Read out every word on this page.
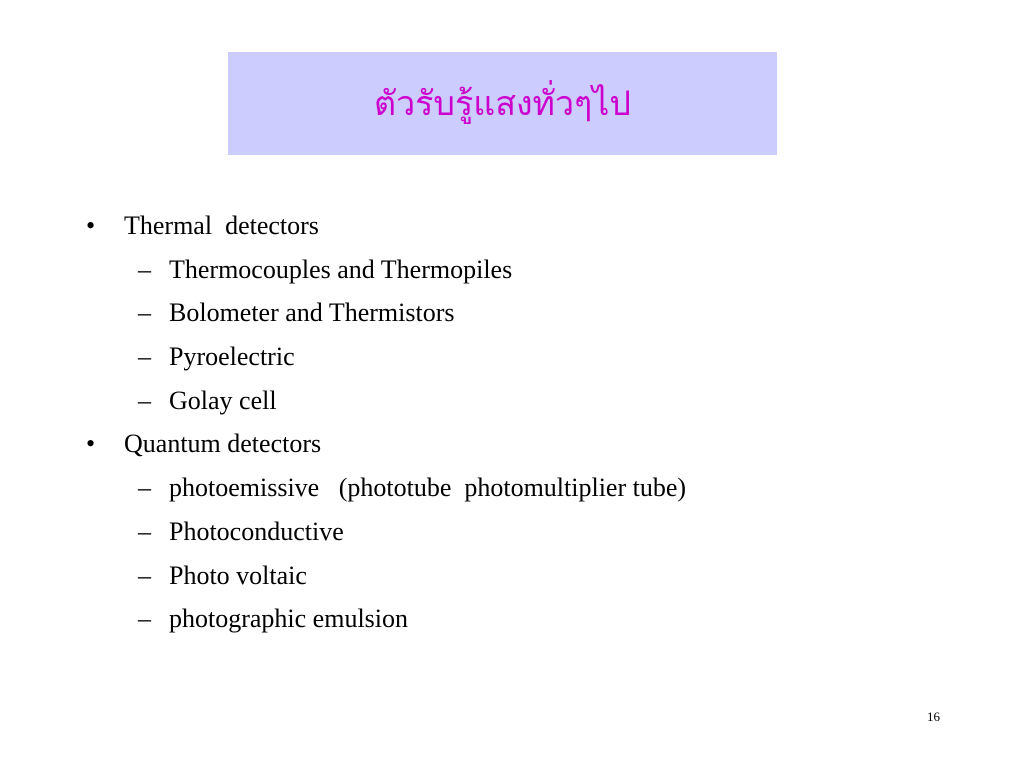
ตัวรับรู้แสงทั่วๆไป

•

	Thermal  detectors

–

Thermocouples and Thermopiles

–

Bolometer and Thermistors

–

Pyroelectric

–

Golay cell

•

	Quantum detectors

–

photoemissive   (phototube  photomultiplier tube)

–

Photoconductive

–

Photo voltaic

–

photographic emulsion

16
